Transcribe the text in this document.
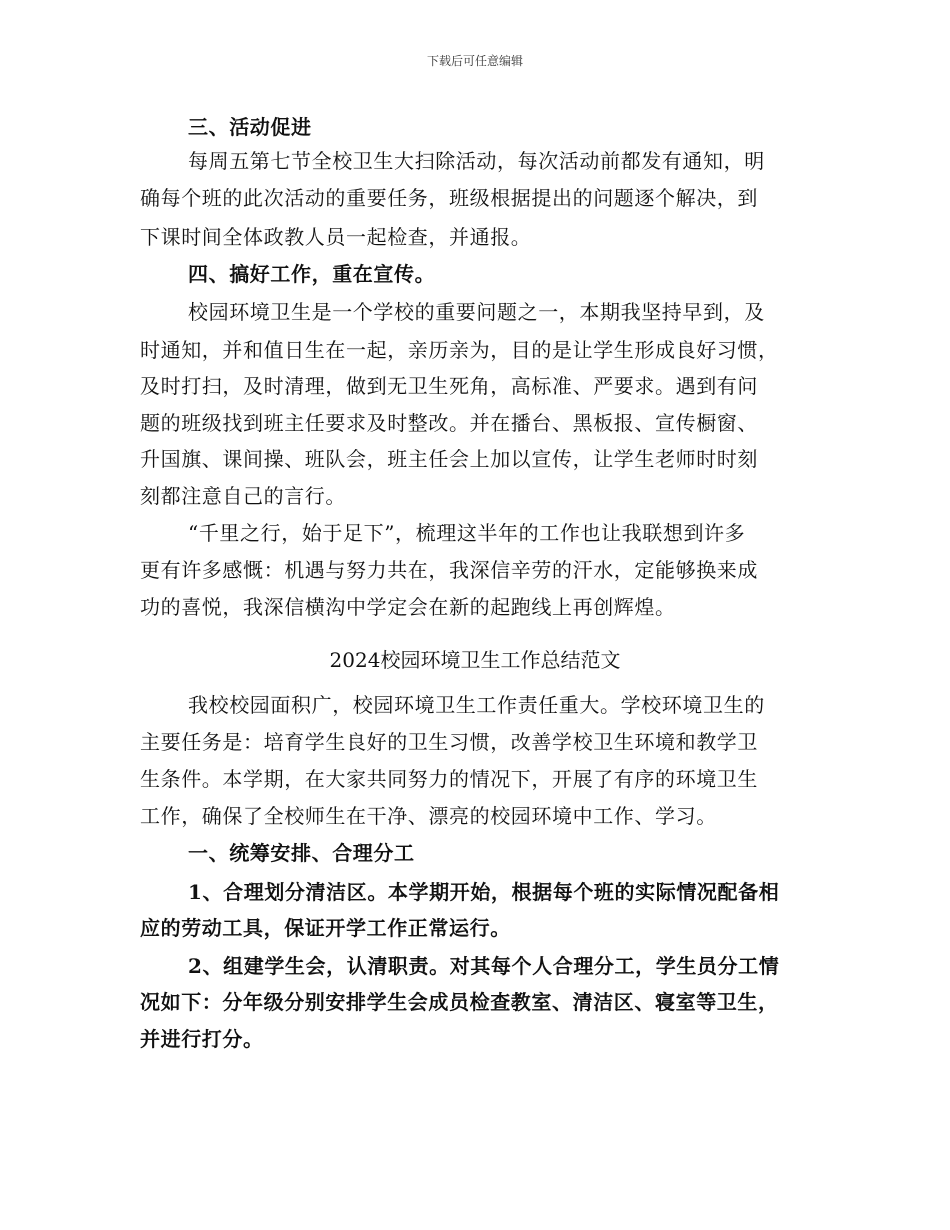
下载后可任意编辑
三、活动促进
每周五第七节全校卫生大扫除活动，每次活动前都发有通知，明
确每个班的此次活动的重要任务，班级根据提出的问题逐个解决，到
下课时间全体政教人员一起检查，并通报。
四、搞好工作，重在宣传。
校园环境卫生是一个学校的重要问题之一，本期我坚持早到，及
时通知，并和值日生在一起，亲历亲为，目的是让学生形成良好习惯，
及时打扫，及时清理，做到无卫生死角，高标准、严要求。遇到有问
题的班级找到班主任要求及时整改。并在播台、黑板报、宣传橱窗、
升国旗、课间操、班队会，班主任会上加以宣传，让学生老师时时刻
刻都注意自己的言行。
“千里之行，始于足下”，梳理这半年的工作也让我联想到许多
更有许多感慨：机遇与努力共在，我深信辛劳的汗水，定能够换来成
功的喜悦，我深信横沟中学定会在新的起跑线上再创辉煌。
2024校园环境卫生工作总结范文
我校校园面积广，校园环境卫生工作责任重大。学校环境卫生的
主要任务是：培育学生良好的卫生习惯，改善学校卫生环境和教学卫
生条件。本学期，在大家共同努力的情况下，开展了有序的环境卫生
工作，确保了全校师生在干净、漂亮的校园环境中工作、学习。
一、统筹安排、合理分工
1、合理划分清洁区。本学期开始，根据每个班的实际情况配备相
应的劳动工具，保证开学工作正常运行。
2、组建学生会，认清职责。对其每个人合理分工，学生员分工情
况如下：分年级分别安排学生会成员检查教室、清洁区、寝室等卫生，
并进行打分。
